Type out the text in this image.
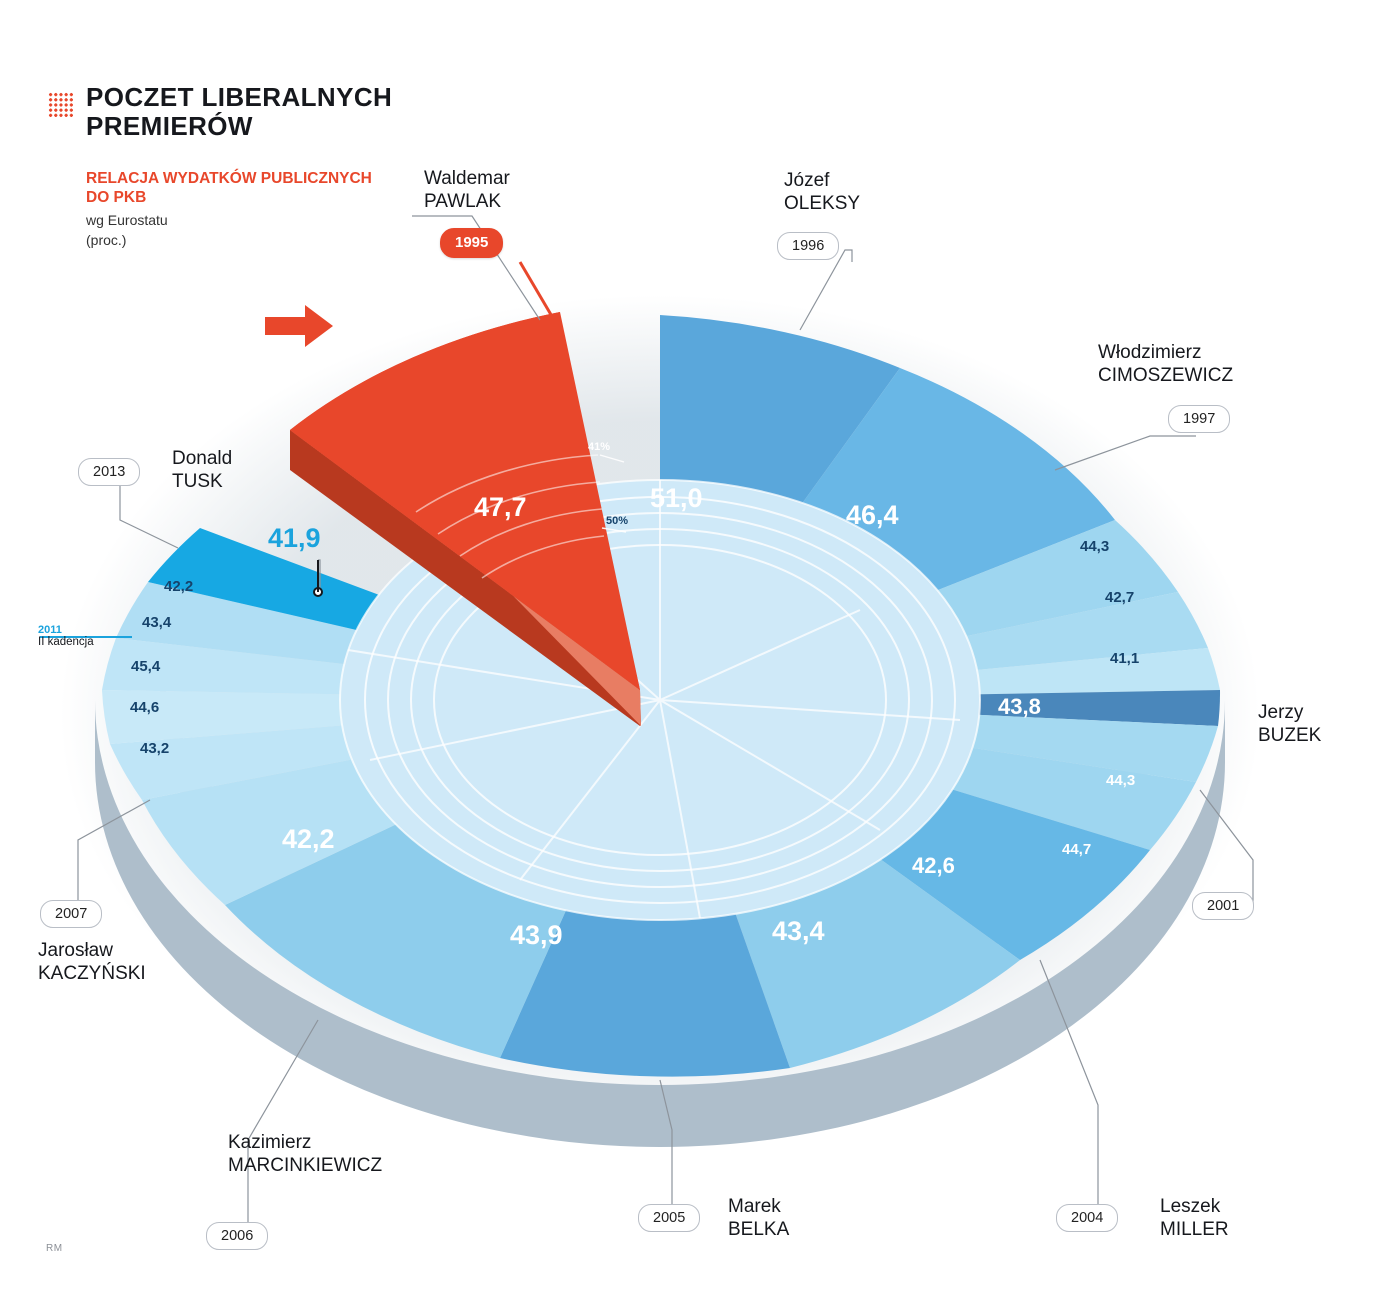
POCZET LIBERALNYCH PREMIERÓW
RELACJA WYDATKÓW PUBLICZNYCH DO PKB
wg Eurostatu
(proc.)
RM
47,7	51,0
46,4
44,3
42,7
41,1
43,8
44,3
44,7
42,6
43,4
43,9
42,2
43,2
44,6
45,4
43,4
42,2
41,9
41%
50%
2011
II kadencja
Waldemar
PAWLAK
1995
Józef
OLEKSY
1996
Włodzimierz
CIMOSZEWICZ
1997
Jerzy
BUZEK
2001
Leszek
MILLER
2004
Marek
BELKA
2005
Kazimierz
MARCINKIEWICZ
2006
Jarosław
KACZYŃSKI
2007
Donald
TUSK
2013
